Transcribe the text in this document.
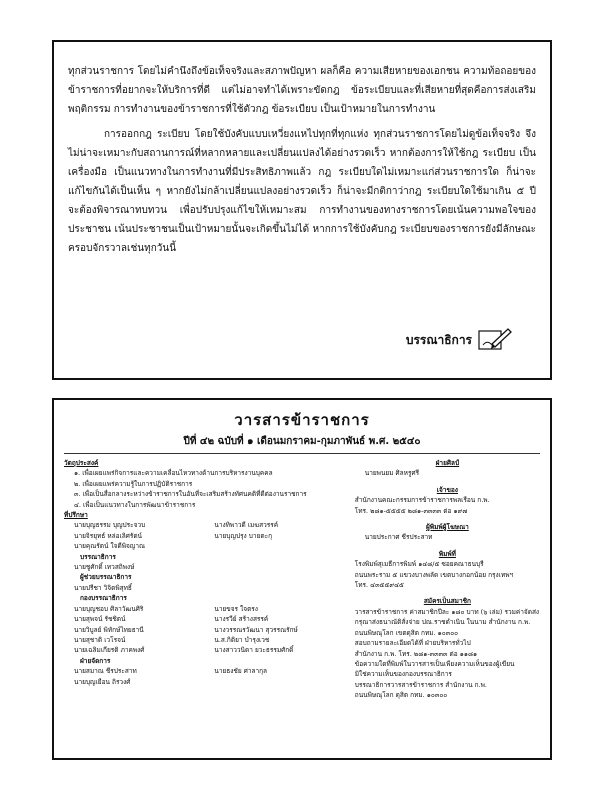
ทุกส่วนราชการ โดยไม่คำนึงถึงข้อเท็จจริงและสภาพปัญหา ผลก็คือ ความเสียหายของเอกชน ความท้อถอยของข้าราชการที่อยากจะให้บริการที่ดี แต่ไม่อาจทำได้เพราะขัดกฎ ข้อระเบียบและที่เสียหายที่สุดคือการส่งเสริมพฤติกรรม การทำงานของข้าราชการที่ใช้ตัวกฎ ข้อระเบียบ เป็นเป้าหมายในการทำงาน

การออกกฎ ระเบียบ โดยใช้บังคับแบบเหวี่ยงแหไปทุกที่ทุกแห่ง ทุกส่วนราชการโดยไม่ดูข้อเท็จจริง จึงไม่น่าจะเหมาะกับสถานการณ์ที่หลากหลายและเปลี่ยนแปลงได้อย่างรวดเร็ว หากต้องการให้ใช้กฎ ระเบียบ เป็นเครื่องมือ เป็นแนวทางในการทำงานที่มีประสิทธิภาพแล้ว กฎ ระเบียบใดไม่เหมาะแก่ส่วนราชการใด ก็น่าจะแก้ไขกันได้เป็นเห็น ๆ หากยังไม่กล้าเปลี่ยนแปลงอย่างรวดเร็ว ก็น่าจะมีกติกาว่ากฎ ระเบียบใดใช้มาเกิน ๕ ปี จะต้องพิจารณาทบทวน เพื่อปรับปรุงแก้ไขให้เหมาะสม การทำงานของทางราชการโดยเน้นความพอใจของประชาชน เน้นประชาชนเป็นเป้าหมายนั้นจะเกิดขึ้นไม่ได้ หากการใช้บังคับกฎ ระเบียบของราชการยังมีลักษณะครอบจักรวาลเช่นทุกวันนี้

บรรณาธิการ
วารสารข้าราชการ
ปีที่ ๔๒ ฉบับที่ ๑ เดือนมกราคม-กุมภาพันธ์ พ.ศ. ๒๕๔๐
วัตถุประสงค์
๑. เพื่อเผยแพร่กิจการและความเคลื่อนไหวทางด้านการบริหารงานบุคคล
๒. เพื่อเผยแพร่ความรู้ในการปฏิบัติราชการ
๓. เพื่อเป็นสื่อกลางระหว่างข้าราชการในอันที่จะเสริมสร้างทัศนคติที่ดีต่องานราชการ
๔. เพื่อเป็นแนวทางในการพัฒนาข้าราชการ
ที่ปรึกษา
นายบุญธรรม บุญประจวบ	นางทิพาวดี เมฆสวรรค์
นายจิรยุทธ์ หล่อเลิศรัตน์	นายบุญปรุง บายตะกุ
นายคุณรัตน์ ใจดีพิจญาณ
บรรณาธิการ
นายชูศักดิ์ เทวสถิพงษ์
ผู้ช่วยบรรณาธิการ
นายปรีชา วิจิตพิสุทธิ์
กองบรรณาธิการ
นายบุญชอบ ศิลาวัฒนศิริ	นายขจร ใจตรง
นายสุพจน์ รัชชิตน์	นางรวีย์ สร้างสรรค์
นายวิบูลย์ พิทักษ์ไทยธานี	นางวรรณรวัฒนา สุวรรณรักษ์
นายสุชาติ เวโรจน์	น.ส.กิติยา บำรุงเวช
นายเฉลิมเกียรติ ภาคพงศ์	นางสาววนิดา ยวะธรรมศักดิ์
ฝ่ายจัดการ
นายสมาณ ชีรประสาท	นายธงชัย ศาลากุล
นายบุญเยือน ถิรวงศ์
ฝ่ายศิลป์
นายพนยม ศิลหรูศรี
เจ้าของ
สำนักงานคณะกรรมการข้าราชการพลเรือน ก.พ.
โทร. ๒๘๑-๕๕๕๕ ๒๘๑-๓๓๓๓ ต่อ ๑๙๗
ผู้พิมพ์ผู้โฆษณา
นายประกาศ ชีรประสาท
พิมพ์ที่
โรงพิมพ์สุเมธีการพิมพ์ ๑๔๘/๕ ซอยคณาธนบุรี
ถนนพระราม ๕ แขวงบางพลัด เขตบางกอกน้อย กรุงเทพฯ
โทร. ๔๓๕๕๙๔๕
สมัครเป็นสมาชิก
วารสารข้าราชการ ค่าสมาชิกปีละ ๑๘๐ บาท (๖ เล่ม) รวมค่าจัดส่ง
กรุณาส่งธนาณัติสั่งจ่าย ปณ.ราชดำเนิน ในนาม สำนักงาน ก.พ.
ถนนพิษณุโลก เขตดุสิต กทม. ๑๐๓๐๐
สอบถามรายละเอียดได้ที่ ฝ่ายบริหารทั่วไป
สำนักงาน ก.พ. โทร. ๒๘๑-๓๓๓๓ ต่อ ๑๑๘๑
ข้อความใดที่พิมพ์ในวารสารเป็นเพียงความเห็นของผู้เขียน
มิใช่ความเห็นของกองบรรณาธิการ
บรรณาธิการวารสารข้าราชการ สำนักงาน ก.พ.
ถนนพิษณุโลก ดุสิต กทม. ๑๐๓๐๐
